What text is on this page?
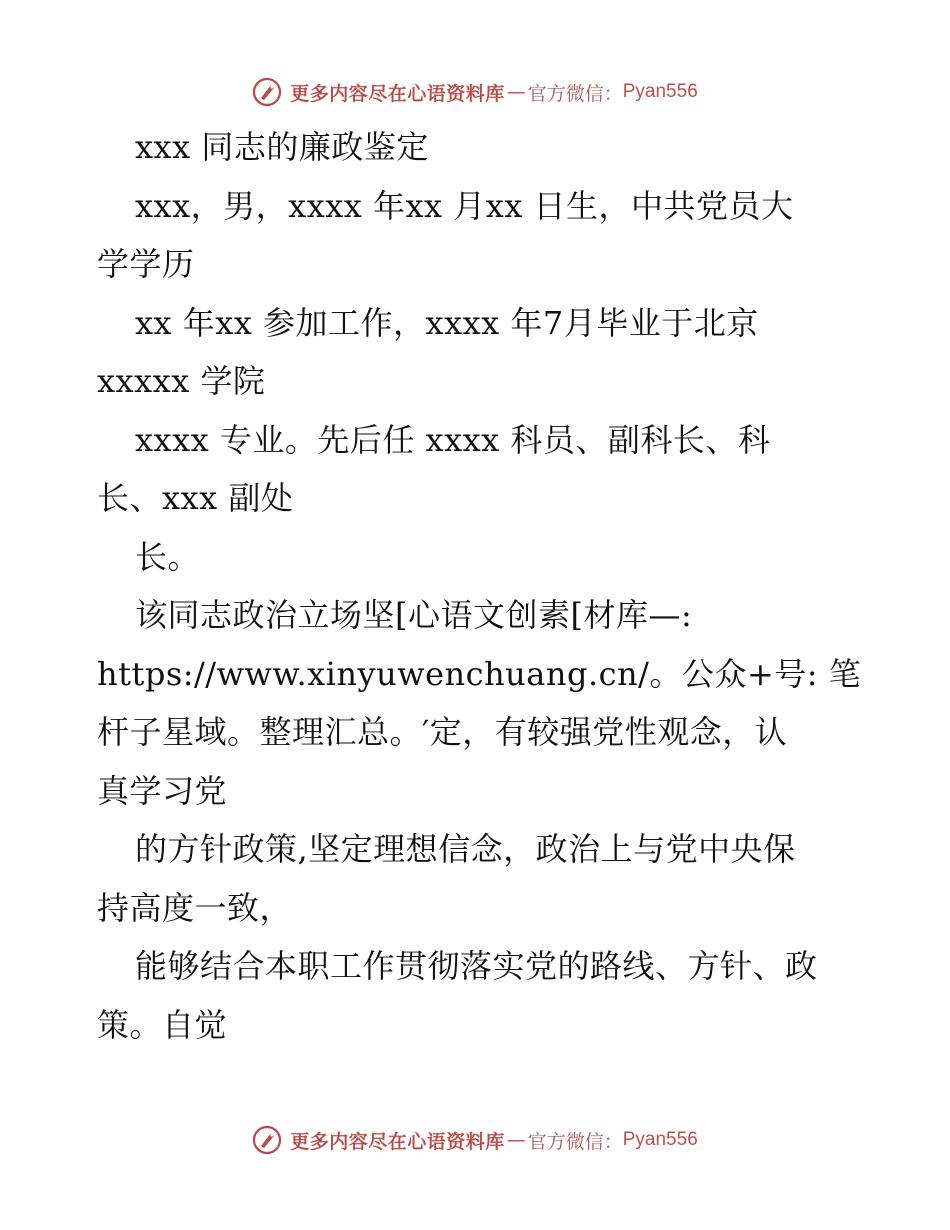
更多内容尽在心语资料库 — 官方微信： Pyan556
xxx 同志的廉政鉴定
xxx，男，xxxx 年xx 月xx 日生，中共党员大
学学历
xx 年xx 参加工作，xxxx 年7月毕业于北京
xxxxx 学院
xxxx 专业。先后任 xxxx 科员、副科长、科
长、xxx 副处
长。
该同志政治立场坚[心语文创素[材库—:
https://www.xinyuwenchuang.cn/。公众+号: 笔
杆子星域。整理汇总。′定，有较强党性观念，认
真学习党
的方针政策,坚定理想信念，政治上与党中央保
持高度一致，
能够结合本职工作贯彻落实党的路线、方针、政
策。自觉
更多内容尽在心语资料库 — 官方微信： Pyan556
